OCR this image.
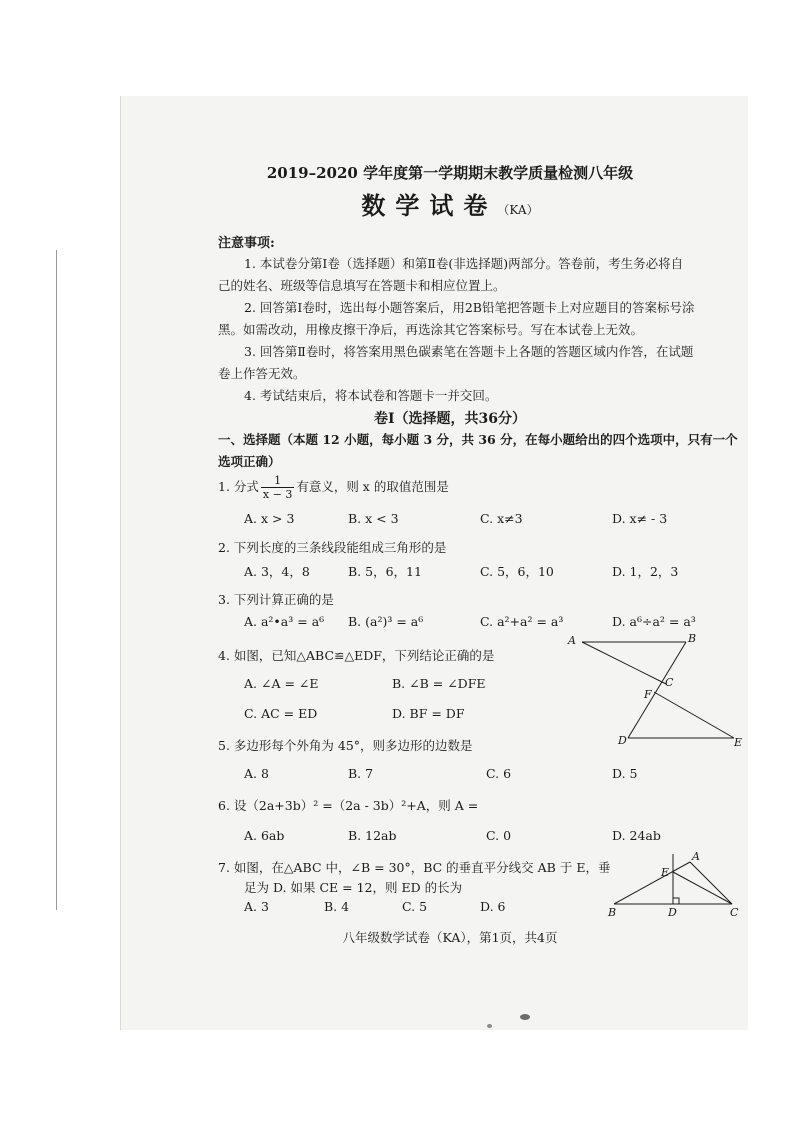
2019–2020 学年度第一学期期末教学质量检测八年级
数学试卷（KA）
注意事项:
1. 本试卷分第Ⅰ卷（选择题）和第Ⅱ卷(非选择题)两部分。答卷前，考生务必将自
己的姓名、班级等信息填写在答题卡和相应位置上。
2. 回答第Ⅰ卷时，选出每小题答案后，用2B铅笔把答题卡上对应题目的答案标号涂
黑。如需改动，用橡皮擦干净后，再选涂其它答案标号。写在本试卷上无效。
3. 回答第Ⅱ卷时，将答案用黑色碳素笔在答题卡上各题的答题区域内作答，在试题
卷上作答无效。
4. 考试结束后，将本试卷和答题卡一并交回。
卷Ⅰ（选择题，共36分）
一、选择题（本题 12 小题，每小题 3 分，共 36 分，在每小题给出的四个选项中，只有一个
选项正确）
1. 分式 $\frac{1}{x - 3}$ 有意义，则 x 的取值范围是
A. x > 3	B. x < 3	C. x≠3	D. x≠ - 3
2. 下列长度的三条线段能组成三角形的是
A. 3，4，8	B. 5，6，11	C. 5，6，10	D. 1，2，3
3. 下列计算正确的是
A. a²•a³ = a⁶ B. (a²)³ = a⁶	C. a²+a² = a³	D. a⁶÷a² = a³
4. 如图，已知△ABC≌△EDF，下列结论正确的是
A. ∠A = ∠E	B. ∠B = ∠DFE
C. AC = ED	D. BF = DF
A	B
C
F
D	E
5. 多边形每个外角为 45°，则多边形的边数是
A. 8	B. 7	C. 6	D. 5
6. 设（2a+3b）² =（2a - 3b）²+A，则 A =
A. 6ab	B. 12ab	C. 0	D. 24ab
7. 如图，在△ABC 中，∠B = 30°，BC 的垂直平分线交 AB 于 E，垂
足为 D. 如果 CE = 12，则 ED 的长为
A. 3	B. 4	C. 5	D. 6
A
E
B	D	C
八年级数学试卷（KA），第1页，共4页
